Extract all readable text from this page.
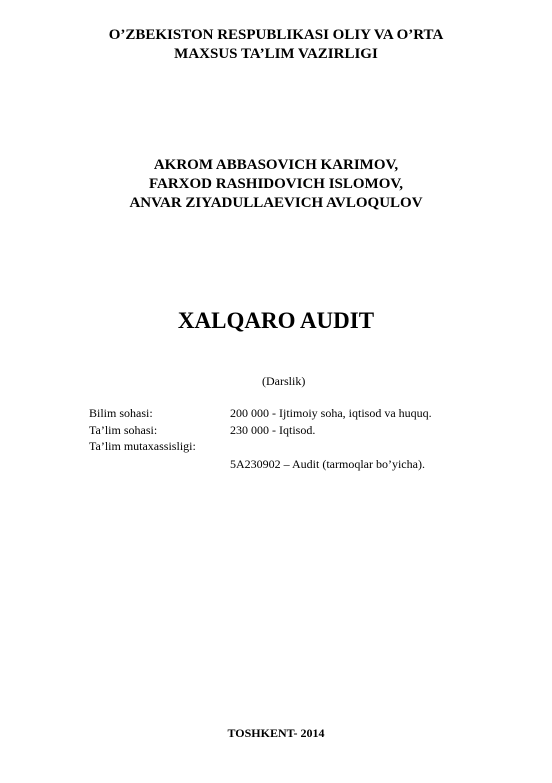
O’ZBEKISTON RESPUBLIKASI OLIY VA O’RTA
MAXSUS TA’LIM VAZIRLIGI
AKROM ABBASOVICH KARIMOV,
FARXOD RASHIDOVICH ISLOMOV,
ANVAR ZIYADULLAEVICH AVLOQULOV
XALQARO AUDIT
(Darslik)
Bilim sohasi:	200 000 - Ijtimoiy soha, iqtisod va huquq.
Ta’lim sohasi:	230 000 - Iqtisod.
Ta’lim mutaxassisligi:
5A230902 – Audit (tarmoqlar bo’yicha).
TOSHKENT- 2014
